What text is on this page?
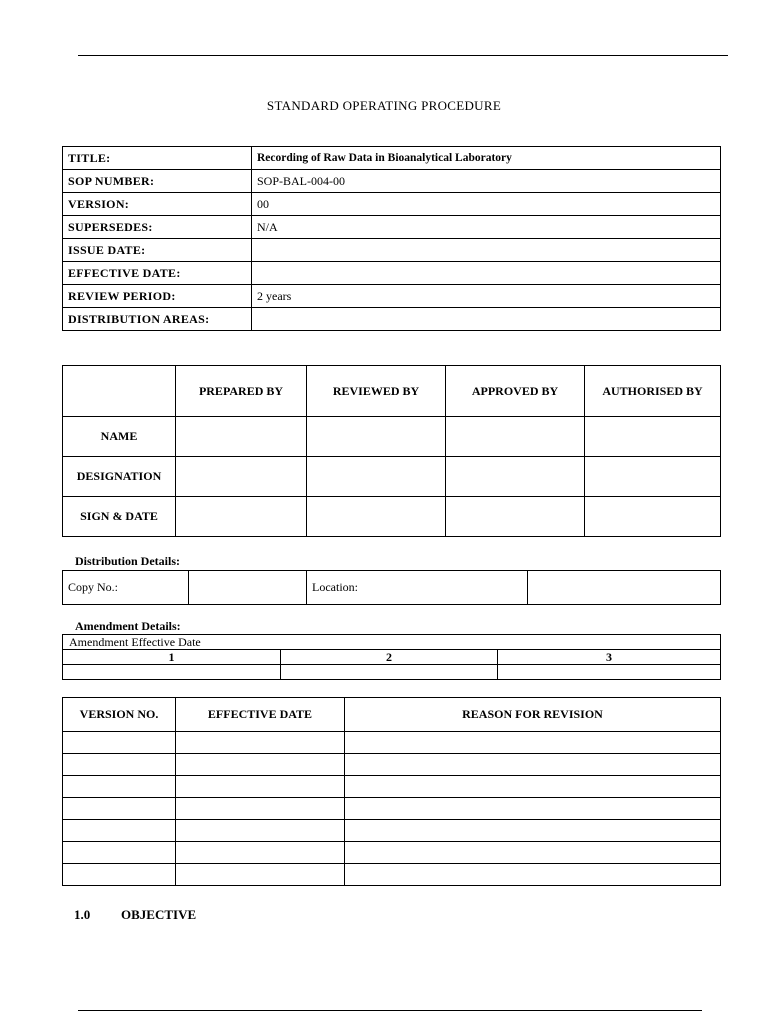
STANDARD OPERATING PROCEDURE
TITLE:	Recording of Raw Data in Bioanalytical Laboratory
SOP NUMBER:	SOP-BAL-004-00
VERSION:	00
SUPERSEDES:	N/A
ISSUE DATE:	
EFFECTIVE DATE:	
REVIEW PERIOD:	2 years
DISTRIBUTION AREAS:	
	PREPARED BY	REVIEWED BY	APPROVED BY	AUTHORISED BY
NAME				
DESIGNATION				
SIGN & DATE				
Distribution Details:
Copy No.:		Location:	
Amendment Details:
Amendment Effective Date		
1	2	3

VERSION NO.	EFFECTIVE DATE	REASON FOR REVISION

1.0 OBJECTIVE
